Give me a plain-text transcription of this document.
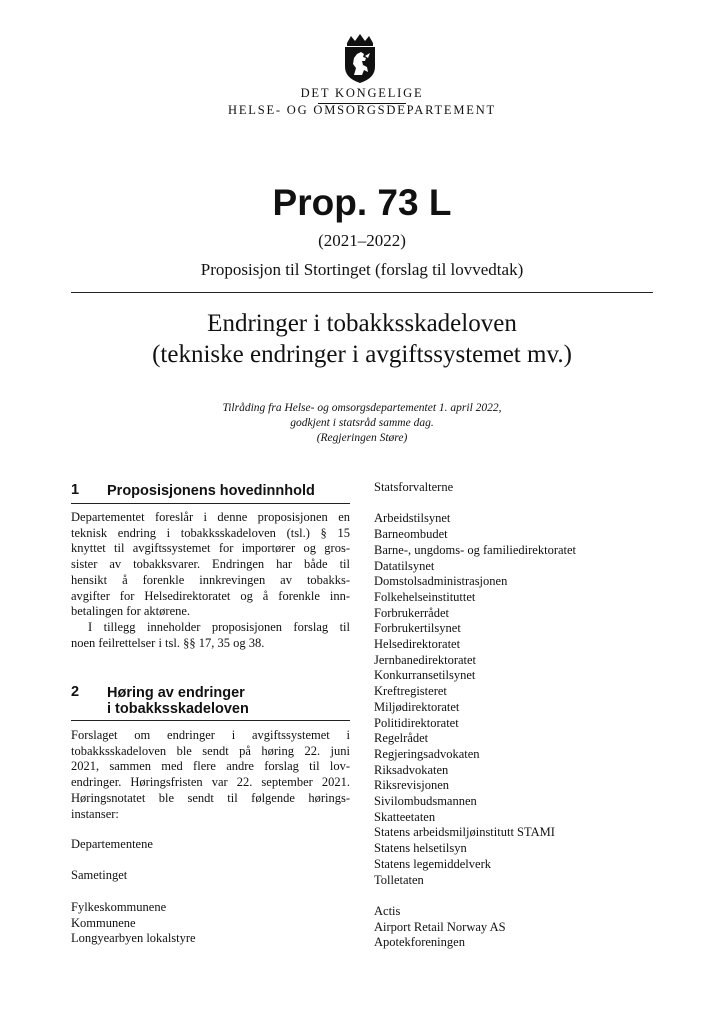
DET KONGELIGE
HELSE- OG OMSORGSDEPARTEMENT
Prop. 73 L
(2021–2022)
Proposisjon til Stortinget (forslag til lovvedtak)
Endringer i tobakksskadeloven
(tekniske endringer i avgiftssystemet mv.)
Tilråding fra Helse- og omsorgsdepartementet 1. april 2022,
godkjent i statsråd samme dag.
(Regjeringen Støre)
1 Proposisjonens hovedinnhold
Departementet foreslår i denne proposisjonen en
teknisk endring i tobakksskadeloven (tsl.) § 15
knyttet til avgiftssystemet for importører og gros-
sister av tobakksvarer. Endringen har både til
hensikt å forenkle innkrevingen av tobakks-
avgifter for Helsedirektoratet og å forenkle inn-
betalingen for aktørene.
I tillegg inneholder proposisjonen forslag til
noen feilrettelser i tsl. §§ 17, 35 og 38.
2 Høring av endringer
i tobakksskadeloven
Forslaget om endringer i avgiftssystemet i
tobakksskadeloven ble sendt på høring 22. juni
2021, sammen med flere andre forslag til lov-
endringer. Høringsfristen var 22. september 2021.
Høringsnotatet ble sendt til følgende hørings-
instanser:
Departementene
Sametinget
Fylkeskommunene
Kommunene
Longyearbyen lokalstyre
Statsforvalterne
Arbeidstilsynet
Barneombudet
Barne-, ungdoms- og familiedirektoratet
Datatilsynet
Domstolsadministrasjonen
Folkehelseinstituttet
Forbrukerrådet
Forbrukertilsynet
Helsedirektoratet
Jernbanedirektoratet
Konkurransetilsynet
Kreftregisteret
Miljødirektoratet
Politidirektoratet
Regelrådet
Regjeringsadvokaten
Riksadvokaten
Riksrevisjonen
Sivilombudsmannen
Skatteetaten
Statens arbeidsmiljøinstitutt STAMI
Statens helsetilsyn
Statens legemiddelverk
Tolletaten
Actis
Airport Retail Norway AS
Apotekforeningen
